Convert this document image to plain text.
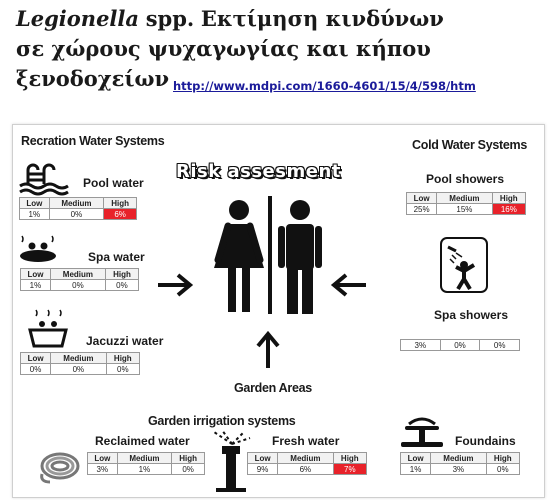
Legionella spp. Εκτίμηση κινδύνων σε χώρους ψυχαγωγίας και κήπου ξενοδοχείων http://www.mdpi.com/1660-4601/15/4/598/htm
Recration Water Systems	Cold Water Systems
Risk assesment
Garden Areas
Garden irrigation systems
Pool water
Low	Medium	High
1%	0%	6%
Spa water
Low	Medium	High
1%	0%	0%
Jacuzzi water
Low	Medium	High
0%	0%	0%
Pool showers
Low	Medium	High
25%	15%	16%
Spa showers
3%	0%	0%
Reclaimed water
Low	Medium	High
3%	1%	0%
Fresh water
Low	Medium	High
9%	6%	7%
Foundains
Low	Medium	High
1%	3%	0%
